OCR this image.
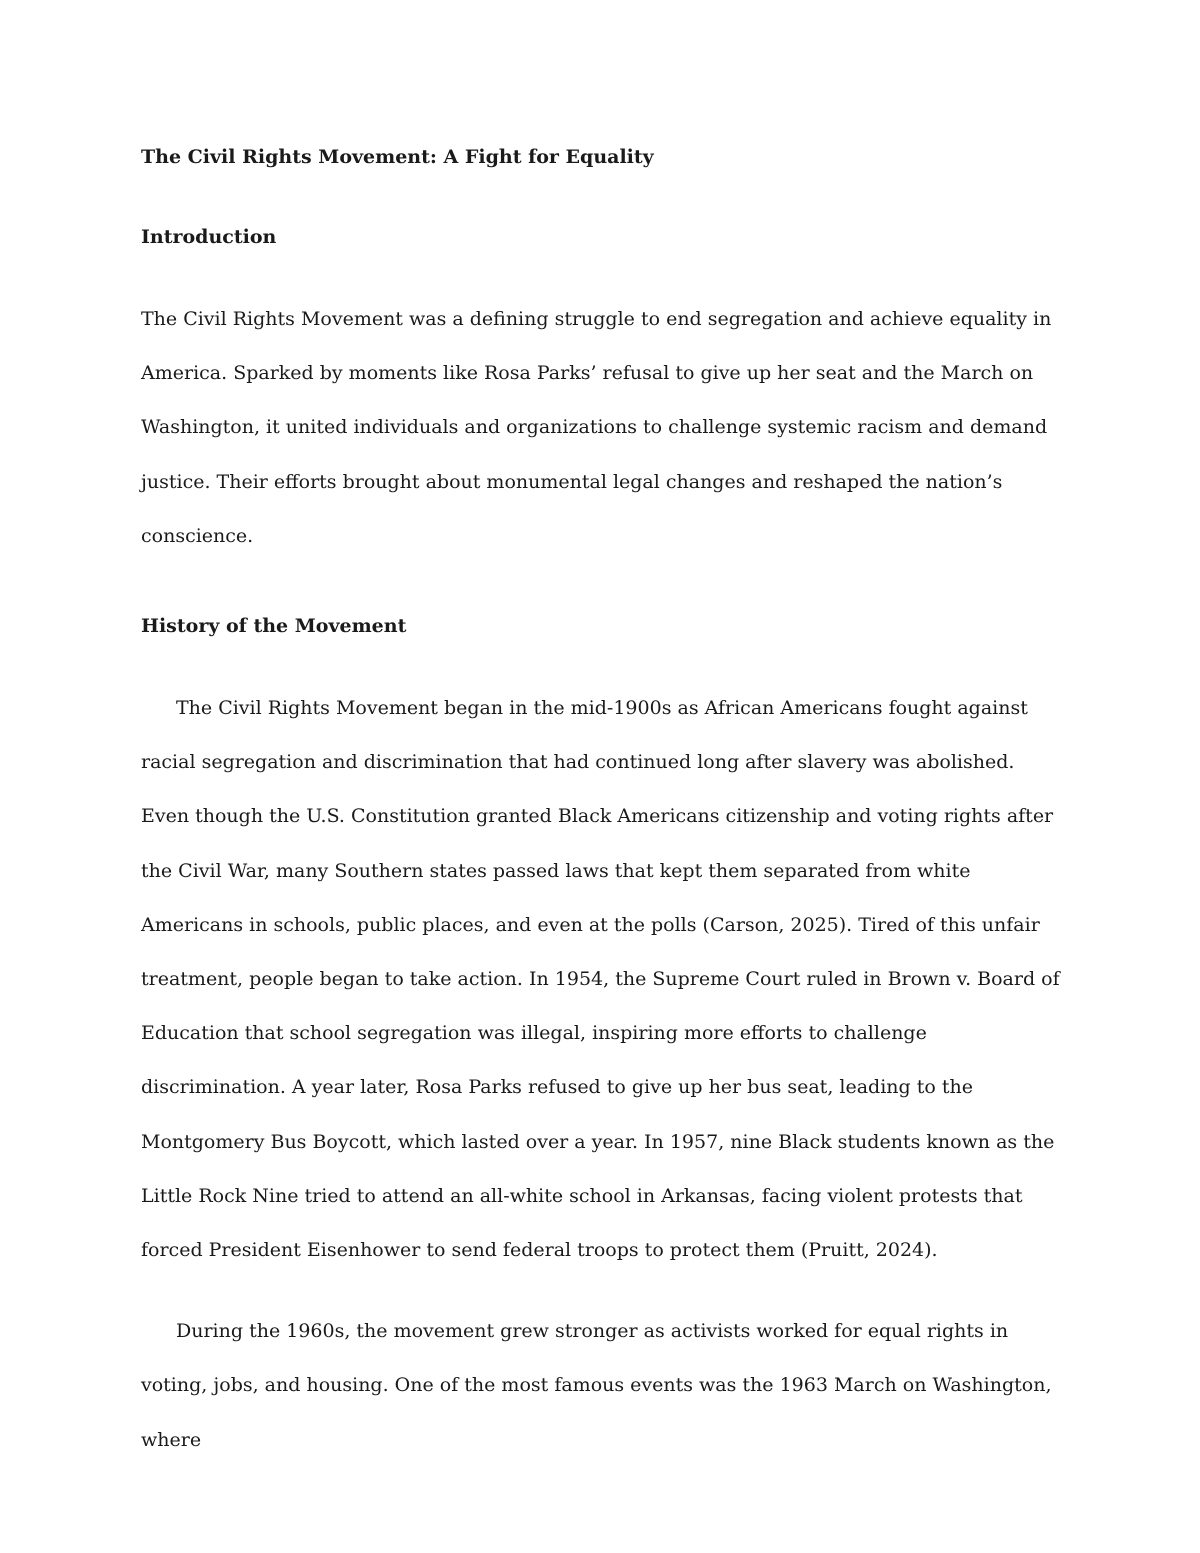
The Civil Rights Movement: A Fight for Equality
Introduction

The Civil Rights Movement was a defining struggle to end segregation and achieve equality in America. Sparked by moments like Rosa Parks’ refusal to give up her seat and the March on Washington, it united individuals and organizations to challenge systemic racism and demand justice. Their efforts brought about monumental legal changes and reshaped the nation’s conscience.

History of the Movement

The Civil Rights Movement began in the mid-1900s as African Americans fought against racial segregation and discrimination that had continued long after slavery was abolished. Even though the U.S. Constitution granted Black Americans citizenship and voting rights after the Civil War, many Southern states passed laws that kept them separated from white Americans in schools, public places, and even at the polls (Carson, 2025). Tired of this unfair treatment, people began to take action. In 1954, the Supreme Court ruled in Brown v. Board of Education that school segregation was illegal, inspiring more efforts to challenge discrimination. A year later, Rosa Parks refused to give up her bus seat, leading to the Montgomery Bus Boycott, which lasted over a year. In 1957, nine Black students known as the Little Rock Nine tried to attend an all-white school in Arkansas, facing violent protests that forced President Eisenhower to send federal troops to protect them (Pruitt, 2024).

During the 1960s, the movement grew stronger as activists worked for equal rights in voting, jobs, and housing. One of the most famous events was the 1963 March on Washington, where
